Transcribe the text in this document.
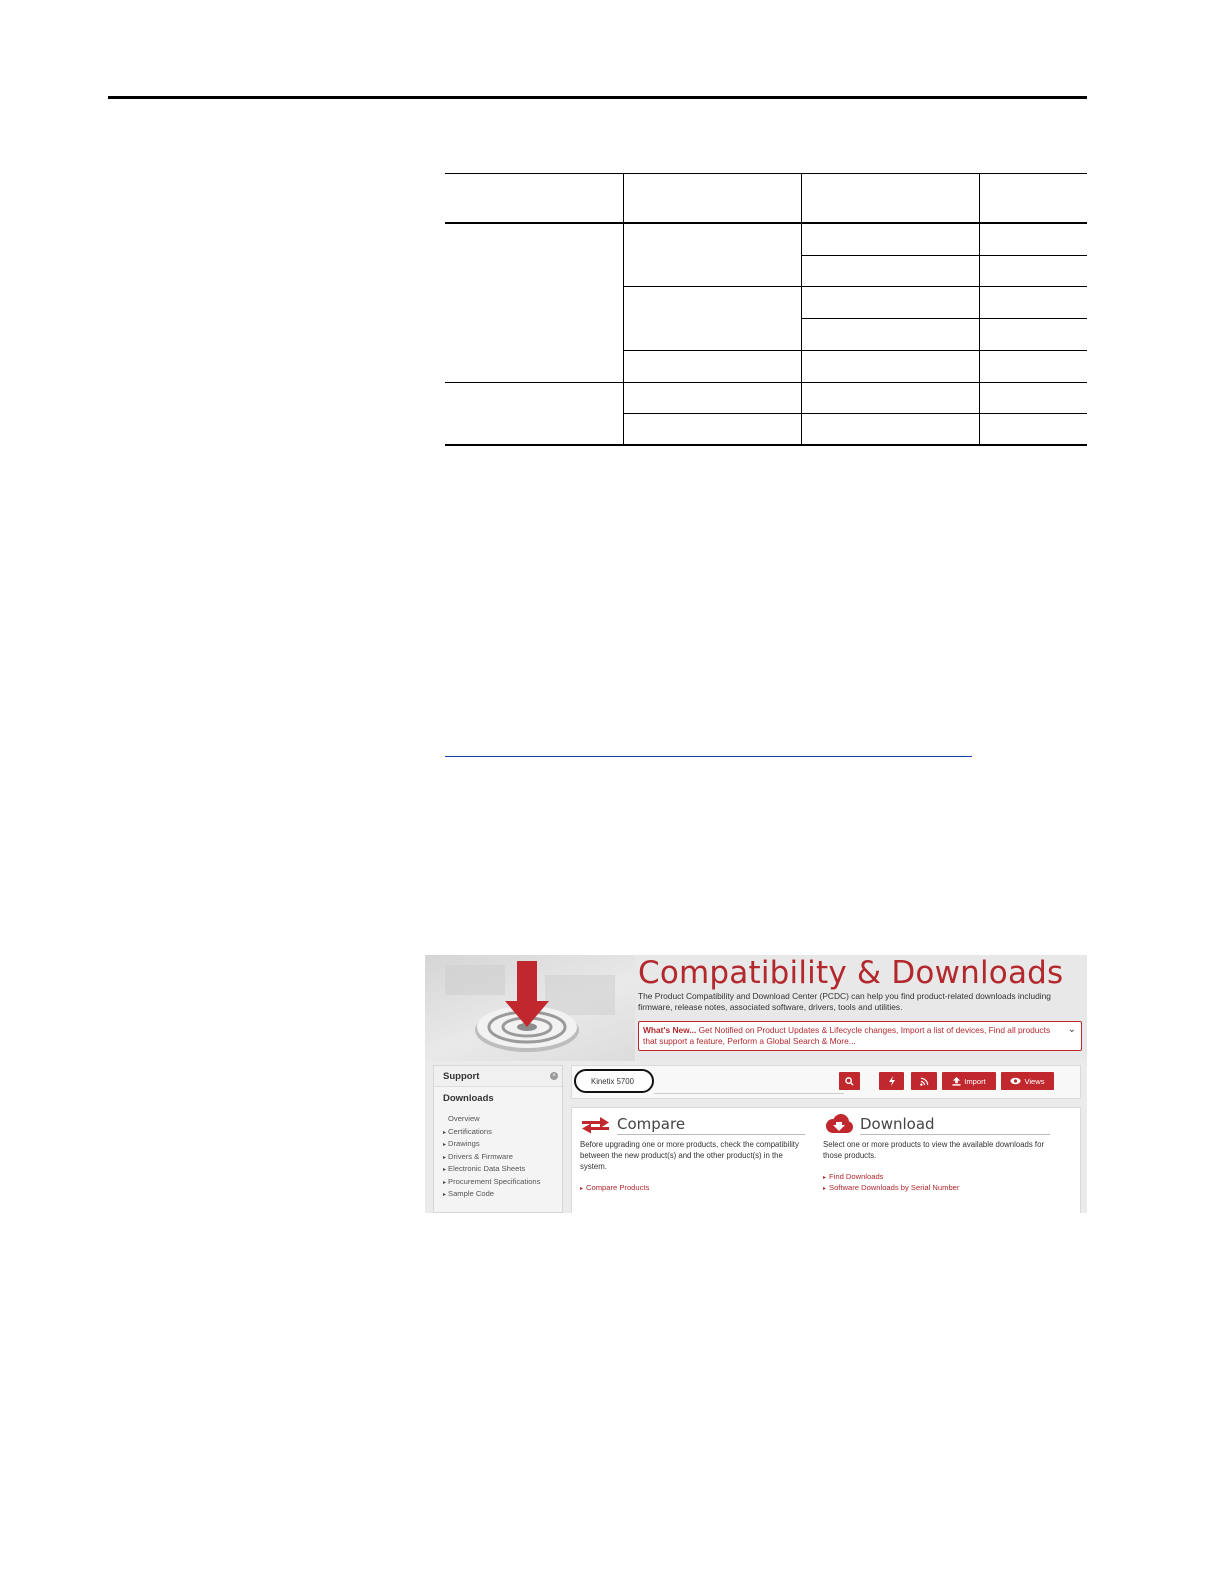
Compatibility & Downloads
The Product Compatibility and Download Center (PCDC) can help you find product-related downloads including firmware, release notes, associated software, drivers, tools and utilities.
What's New... Get Notified on Product Updates & Lifecycle changes, Import a list of devices, Find all products that support a feature, Perform a Global Search & More...
⌄
Support	×
Downloads
Overview
▸ Certifications
▸ Drawings
▸ Drivers & Firmware
▸ Electronic Data Sheets
▸ Procurement Specifications
▸ Sample Code
Kinetix 5700	Import	Views
Compare
Before upgrading one or more products, check the compatibility between the new product(s) and the other product(s) in the system.
▸ Compare Products
Download
Select one or more products to view the available downloads for those products.
▸ Find Downloads
▸ Software Downloads by Serial Number
